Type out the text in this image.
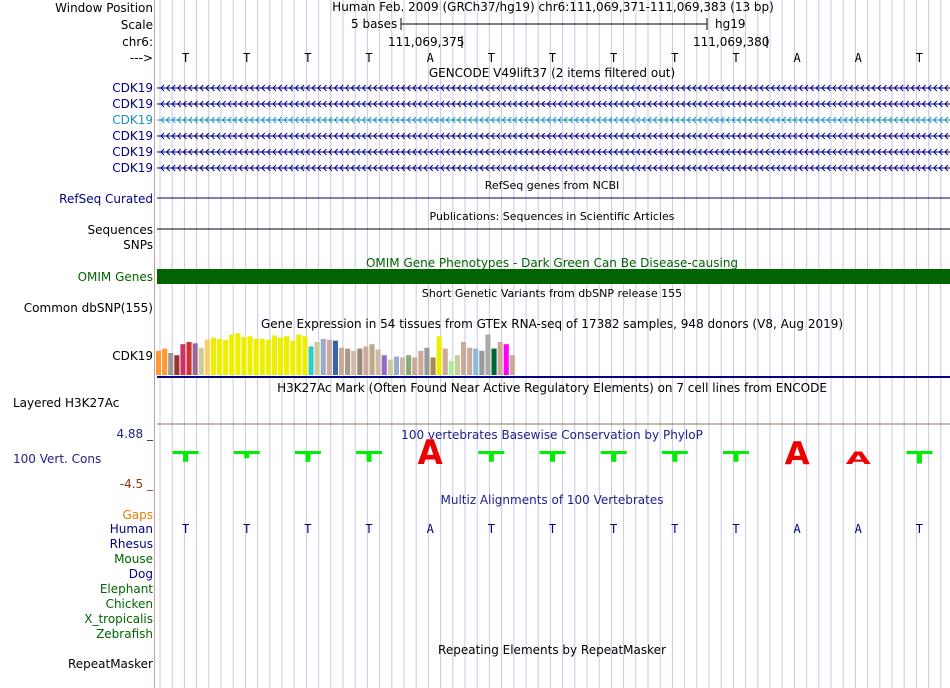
A	A	A
T	T	T	T	A	T	T	T	T	T	A	A	T
Window Position
Scale
chr6:
--->
Human Feb. 2009 (GRCh37/hg19) chr6:111,069,371-111,069,383 (13 bp)
5 bases	hg19
111,069,375	111,069,380
T	T	T	T	A	T	T	T	T	T	A	A	T
GENCODE V49lift37 (2 items filtered out)
CDK19
CDK19
CDK19
CDK19
CDK19
CDK19
RefSeq genes from NCBI
RefSeq Curated
Publications: Sequences in Scientific Articles
Sequences
SNPs
OMIM Gene Phenotypes - Dark Green Can Be Disease-causing
OMIM Genes
Short Genetic Variants from dbSNP release 155
Common dbSNP(155)
Gene Expression in 54 tissues from GTEx RNA-seq of 17382 samples, 948 donors (V8, Aug 2019)
CDK19
H3K27Ac Mark (Often Found Near Active Regulatory Elements) on 7 cell lines from ENCODE
Layered H3K27Ac
100 vertebrates Basewise Conservation by PhyloP
4.88 _
100 Vert. Cons
-4.5 _
Multiz Alignments of 100 Vertebrates
Gaps
Human
Rhesus
Mouse
Dog
Elephant
Chicken
X_tropicalis
Zebrafish
Repeating Elements by RepeatMasker
RepeatMasker
